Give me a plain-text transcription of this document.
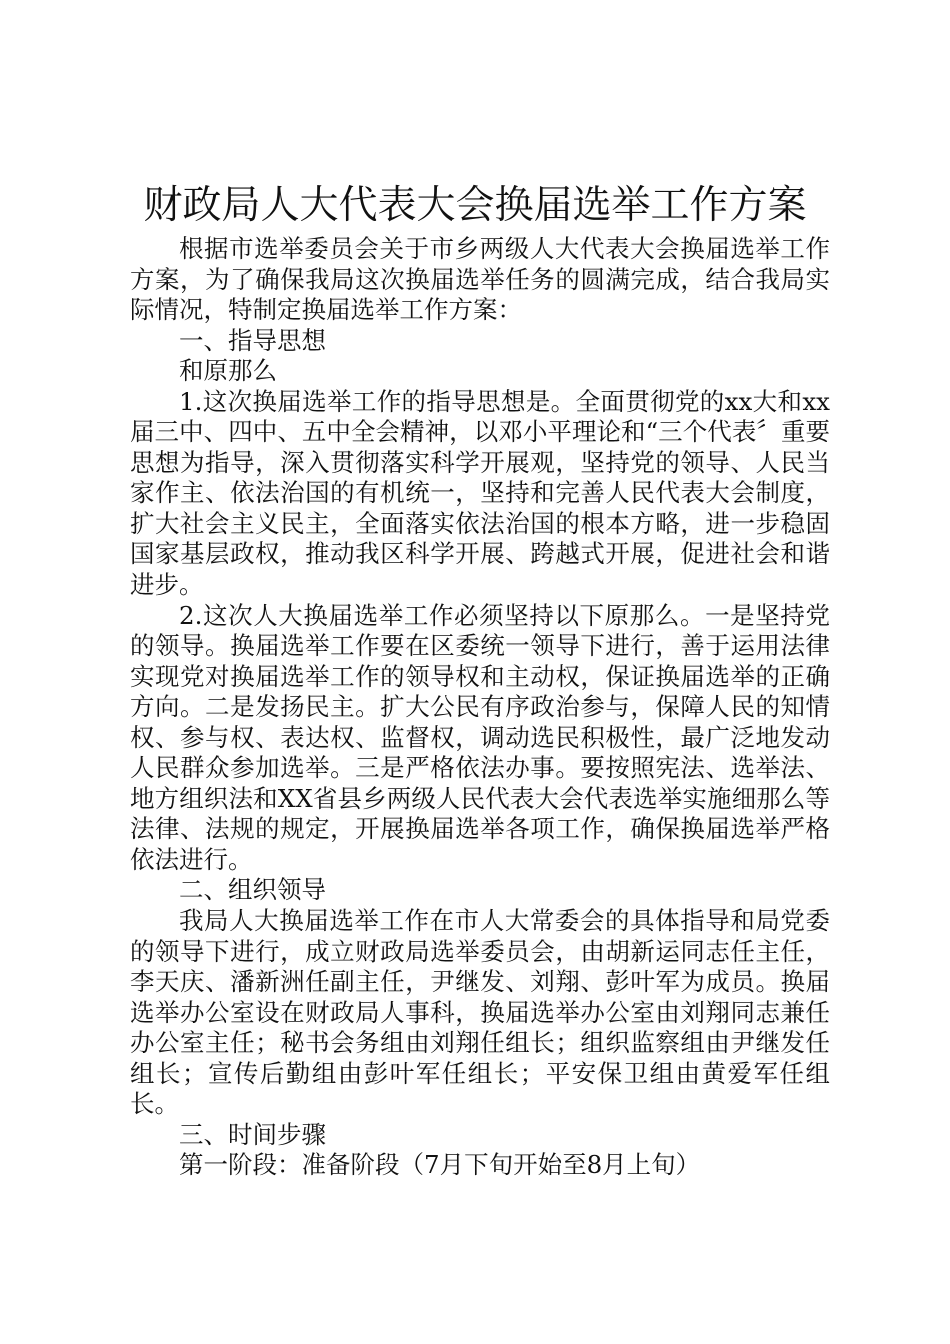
财政局人大代表大会换届选举工作方案

根据市选举委员会关于市乡两级人大代表大会换届选举工作方案，为了确保我局这次换届选举任务的圆满完成，结合我局实际情况，特制定换届选举工作方案：

一、指导思想

和原那么

1.这次换届选举工作的指导思想是。全面贯彻党的xx大和xx届三中、四中、五中全会精神，以邓小平理论和“三个代表〞重要思想为指导，深入贯彻落实科学开展观，坚持党的领导、人民当家作主、依法治国的有机统一，坚持和完善人民代表大会制度，扩大社会主义民主，全面落实依法治国的根本方略，进一步稳固国家基层政权，推动我区科学开展、跨越式开展，促进社会和谐进步。

2.这次人大换届选举工作必须坚持以下原那么。一是坚持党的领导。换届选举工作要在区委统一领导下进行，善于运用法律实现党对换届选举工作的领导权和主动权，保证换届选举的正确方向。二是发扬民主。扩大公民有序政治参与，保障人民的知情权、参与权、表达权、监督权，调动选民积极性，最广泛地发动人民群众参加选举。三是严格依法办事。要按照宪法、选举法、地方组织法和XX省县乡两级人民代表大会代表选举实施细那么等法律、法规的规定，开展换届选举各项工作，确保换届选举严格依法进行。

二、组织领导

我局人大换届选举工作在市人大常委会的具体指导和局党委的领导下进行，成立财政局选举委员会，由胡新运同志任主任，李天庆、潘新洲任副主任，尹继发、刘翔、彭叶军为成员。换届选举办公室设在财政局人事科，换届选举办公室由刘翔同志兼任办公室主任；秘书会务组由刘翔任组长；组织监察组由尹继发任组长；宣传后勤组由彭叶军任组长；平安保卫组由黄爱军任组长。

三、时间步骤

第一阶段：准备阶段（7月下旬开始至8月上旬）
